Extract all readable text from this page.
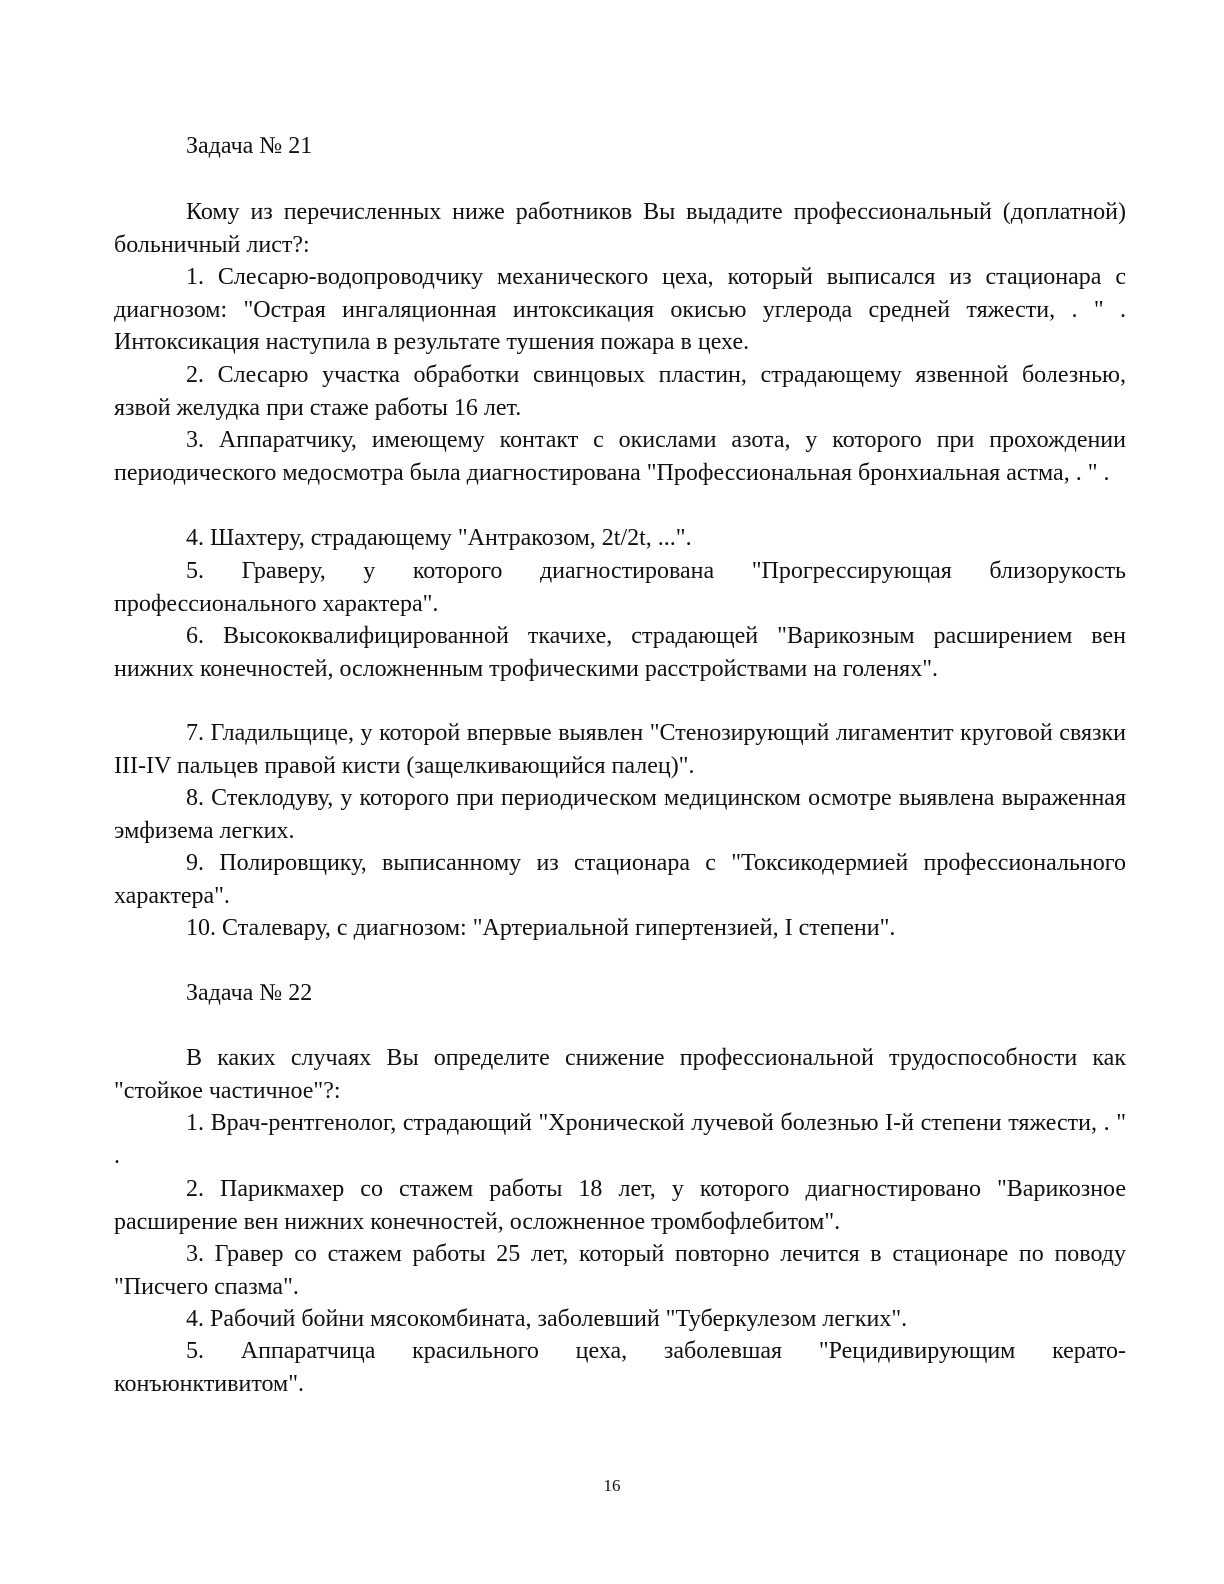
Задача № 21

Кому из перечисленных ниже работников Вы выдадите профессиональный (доплатной) больничный лист?:

1. Слесарю-водопроводчику механического цеха, который выписался из стационара с диагнозом: "Острая ингаляционная интоксикация окисью углерода средней тяжести, . " . Интоксикация наступила в результате тушения пожара в цехе.

2. Слесарю участка обработки свинцовых пластин, страдающему язвенной болезнью, язвой желудка при стаже работы 16 лет.

3. Аппаратчику, имеющему контакт с окислами азота, у которого при прохождении периодического медосмотра была диагностирована "Профессиональная бронхиальная астма, . " .

4. Шахтеру, страдающему "Антракозом, 2t/2t, ...".

5. Граверу, у которого диагностирована "Прогрессирующая близорукость профессионального характера".

6. Высококвалифицированной ткачихе, страдающей "Варикозным расширением вен нижних конечностей, осложненным трофическими расстройствами на голенях".

7. Гладильщице, у которой впервые выявлен "Стенозирующий лигаментит круговой связки III-IV пальцев правой кисти (защелкивающийся палец)".

8. Стеклодуву, у которого при периодическом медицинском осмотре выявлена выраженная эмфизема легких.

9. Полировщику, выписанному из стационара с "Токсикодермией профессионального характера".

10. Сталевару, с диагнозом: "Артериальной гипертензией, I степени".

Задача № 22

В каких случаях Вы определите снижение профессиональной трудоспособности как "стойкое частичное"?:

1. Врач-рентгенолог, страдающий "Хронической лучевой болезнью I-й степени тяжести, . " .

2. Парикмахер со стажем работы 18 лет, у которого диагностировано "Варикозное расширение вен нижних конечностей, осложненное тромбофлебитом".

3. Гравер со стажем работы 25 лет, который повторно лечится в стационаре по поводу "Писчего спазма".

4. Рабочий бойни мясокомбината, заболевший "Туберкулезом легких".

5. Аппаратчица красильного цеха, заболевшая "Рецидивирующим керато-конъюнктивитом".

16
